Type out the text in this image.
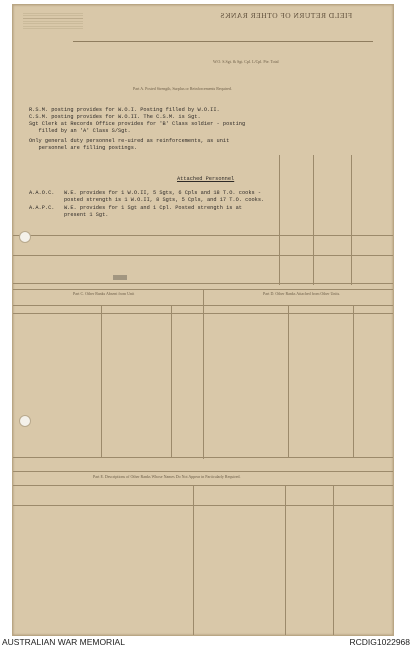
FIELD RETURN OF OTHER RANKS
W.O. S.Sgt. & Sgt. Cpl. L/Cpl. Pte. Total
Part A. Posted Strength, Surplus or Reinforcements Required.
R.S.M. posting provides for W.O.I. Posting filled by W.O.II.
C.S.M. posting provides for W.O.II. The C.S.M. is Sgt.
Sgt Clerk at Records Office provides for 'B' Class soldier - posting
filled by an 'A' Class S/Sgt.
Only general duty personnel re-uired as reinforcements, as unit
personnel are filling postings.
Attached Personnel
A.A.O.C.   W.E. provides for 1 W.O.II, 5 Sgts, 6 Cpls and 18 T.O. cooks -
posted strength is 1 W.O.II, 8 Sgts, 5 Cpls, and 17 T.O. cooks.
A.A.P.C.   W.E. provides for 1 Sgt and 1 Cpl. Posted strength is at
present 1 Sgt.
Part C. Other Ranks Absent from Unit	Part D. Other Ranks Attached from Other Units.
Part E. Descriptions of Other Ranks Whose Names Do Not Appear in Particularly Required.
AUSTRALIAN WAR MEMORIAL	RCDIG1022968
